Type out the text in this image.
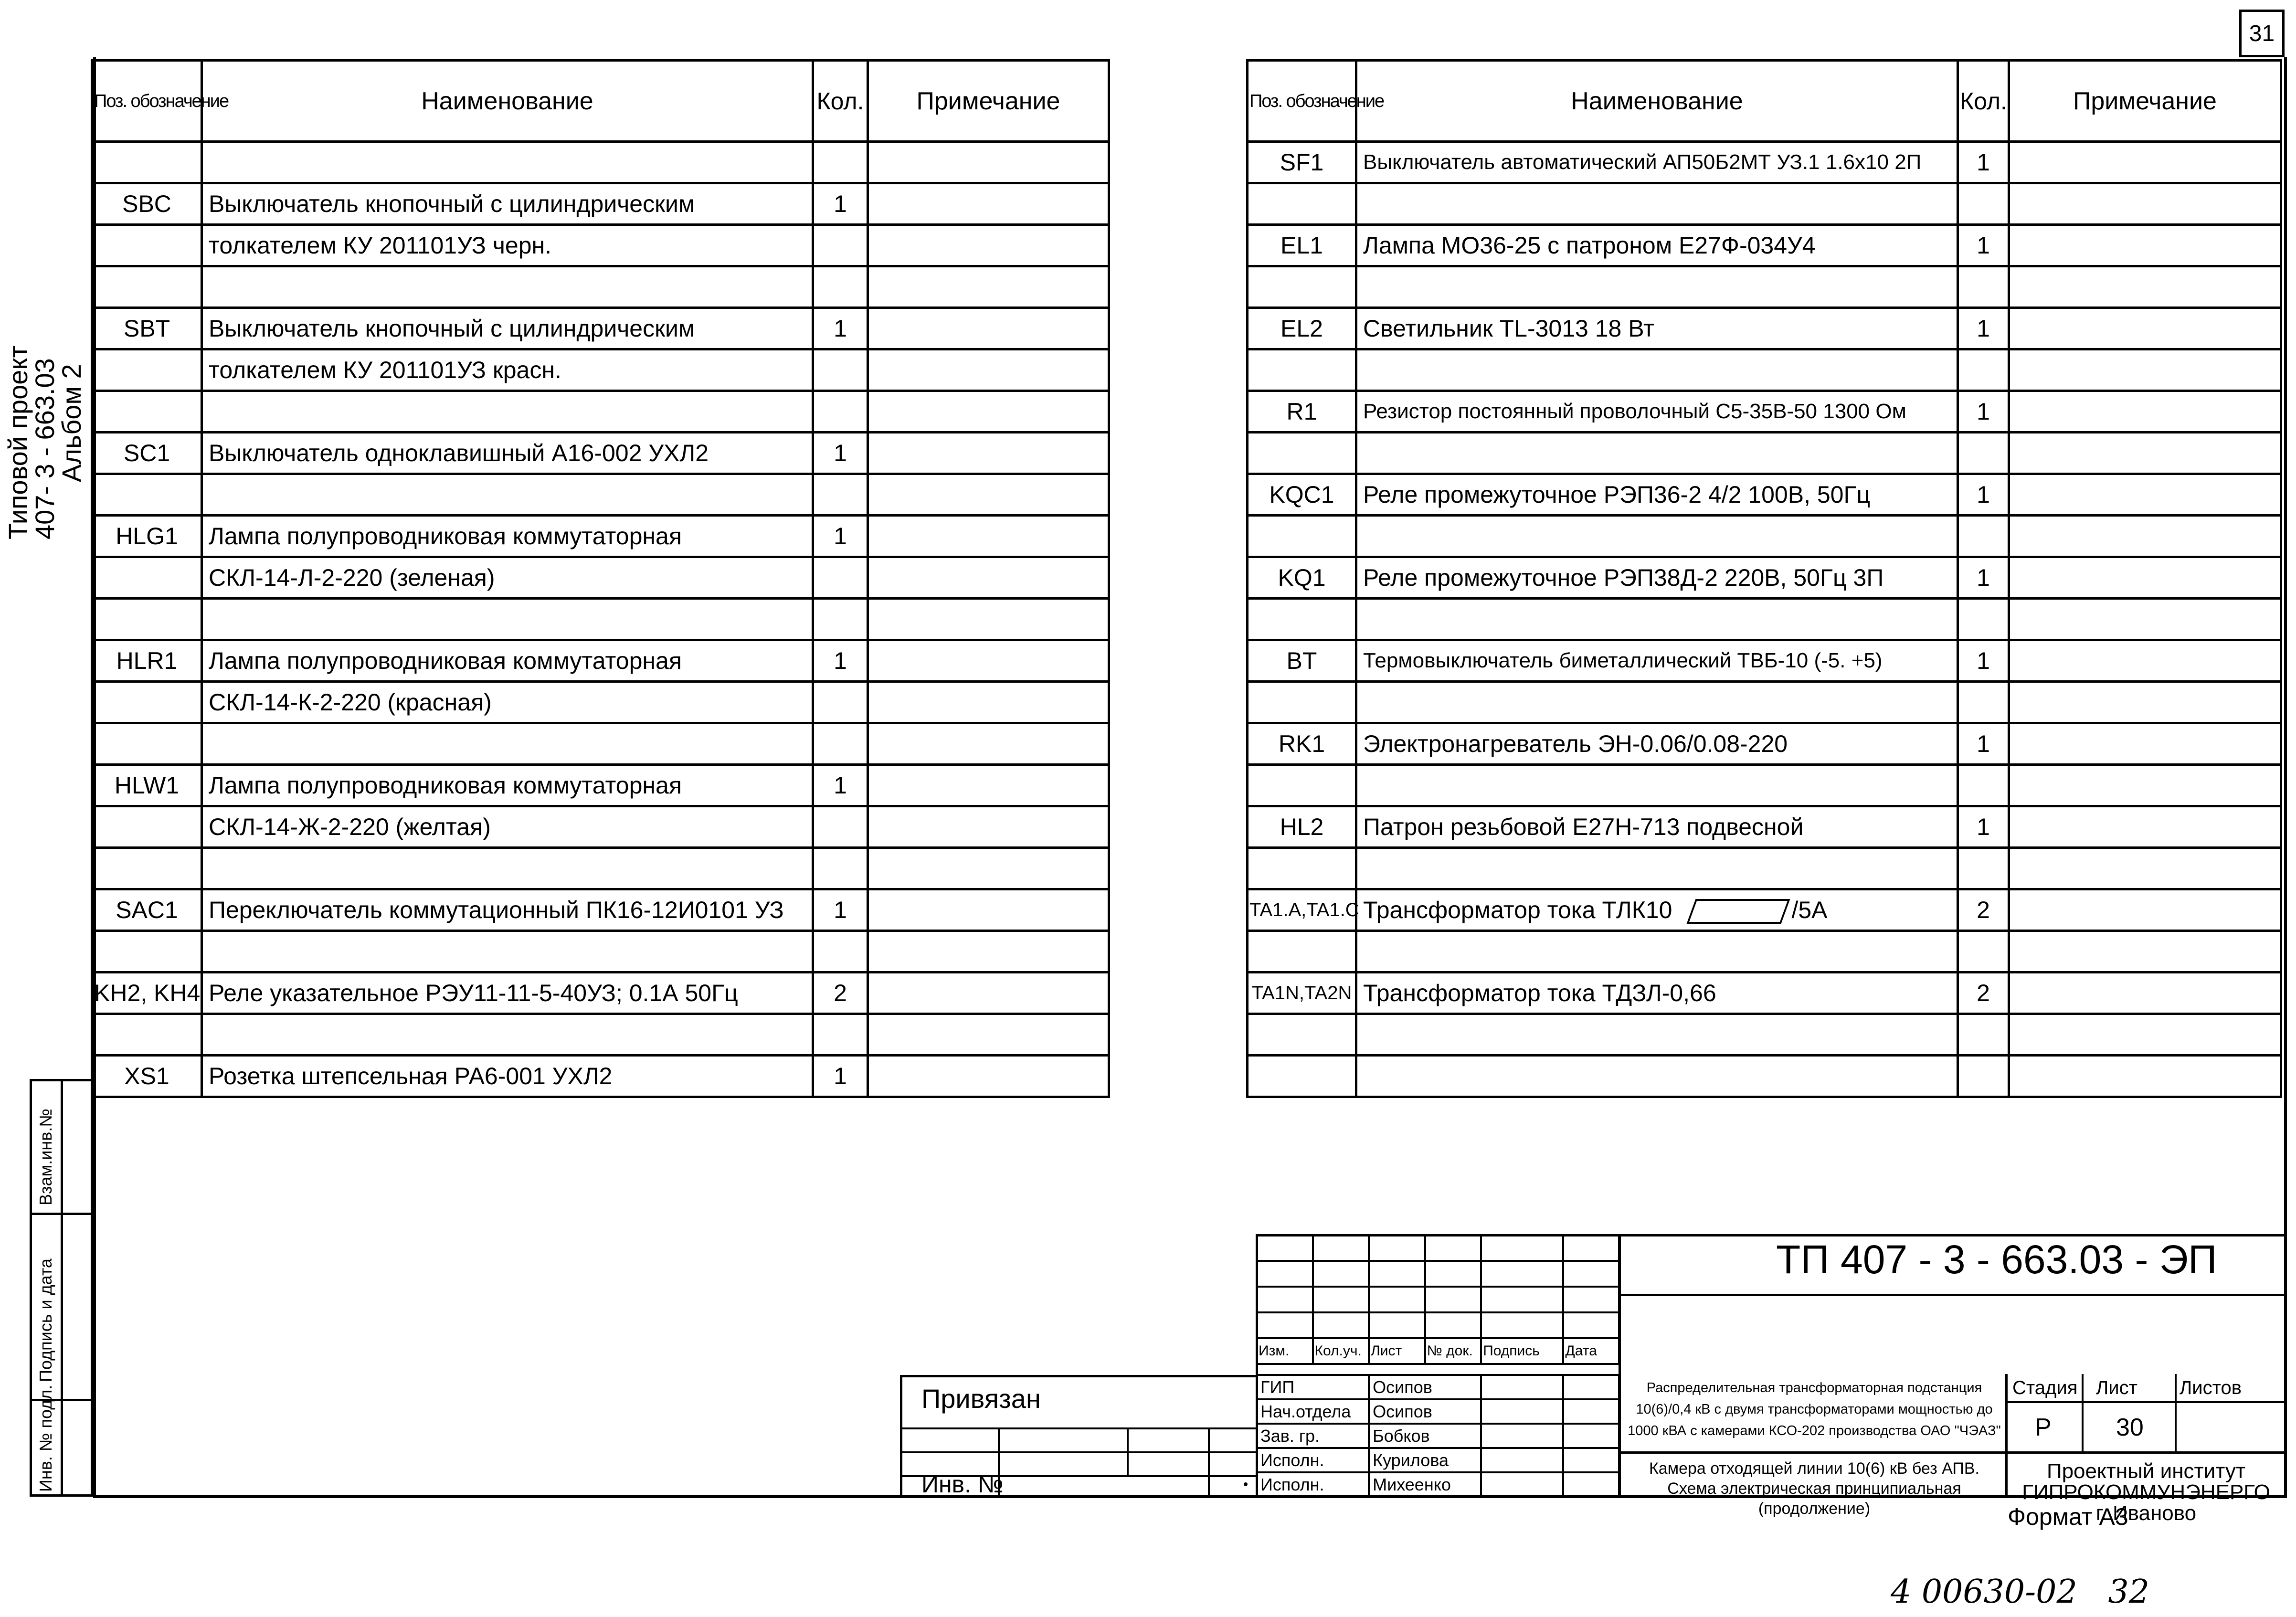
31
Типовой проект
407- 3 - 663.03
Альбом 2
Взам.инв.№
Подпись и дата
Инв. № подл.
Поз. обозначение	Наименование	Кол.	Примечание

SBC	Выключатель кнопочный с цилиндрическим	1	
	толкателем КУ 201101УЗ черн.		

SBT	Выключатель кнопочный с цилиндрическим	1	
	толкателем КУ 201101УЗ красн.		

SC1	Выключатель одноклавишный А16-002 УХЛ2	1	

HLG1	Лампа полупроводниковая коммутаторная	1	
	СКЛ-14-Л-2-220 (зеленая)		

HLR1	Лампа полупроводниковая коммутаторная	1	
	СКЛ-14-К-2-220 (красная)		

HLW1	Лампа полупроводниковая коммутаторная	1	
	СКЛ-14-Ж-2-220 (желтая)		

SAC1	Переключатель коммутационный ПК16-12И0101 УЗ	1	

KH2, KH4	Реле указательное РЭУ11-11-5-40УЗ; 0.1А 50Гц	2	

XS1	Розетка штепсельная РА6-001 УХЛ2	1	
Поз. обозначение	Наименование	Кол.	Примечание
SF1	Выключатель автоматический АП50Б2МТ УЗ.1 1.6х10 2П	1	

EL1	Лампа МО36-25 с патроном Е27Ф-034У4	1	

EL2	Светильник TL-3013 18 Вт	1	

R1	Резистор постоянный проволочный С5-35В-50 1300 Ом	1	

KQC1	Реле промежуточное РЭП36-2 4/2 100В, 50Гц	1	

KQ1	Реле промежуточное РЭП38Д-2 220В, 50Гц 3П	1	

BT	Термовыключатель биметаллический ТВБ-10 (-5. +5)	1	

RK1	Электронагреватель ЭН-0.06/0.08-220	1	

HL2	Патрон резьбовой Е27Н-713 подвесной	1	

TA1.A,TA1.C	Трансформатор тока ТЛК10 /5А	2	

TA1N,TA2N	Трансформатор тока ТДЗЛ-0,66	2	

Привязан
Инв. №
ТП 407 - 3 - 663.03 - ЭП

Изм.	Кол.уч.	Лист	№ док.	Подпись	Дата
ГИП	Осипов		
Нач.отдела	Осипов		
Зав. гр.	Бобков		
Исполн.	Курилова		
Исполн.	Михеенко		
Распределительная трансформаторная подстанция
10(6)/0,4 кВ с двумя трансформаторами мощностью до
1000 кВА с камерами КСО-202 производства ОАО "ЧЭАЗ"
Стадия Лист Листов
Р	30
Камера отходящей линии 10(6) кВ без АПВ.
Схема электрическая принципиальная
(продолжение)
Проектный институт
ГИПРОКОММУНЭНЕРГО
г. Иваново
Формат А3
4 00630-02   32
